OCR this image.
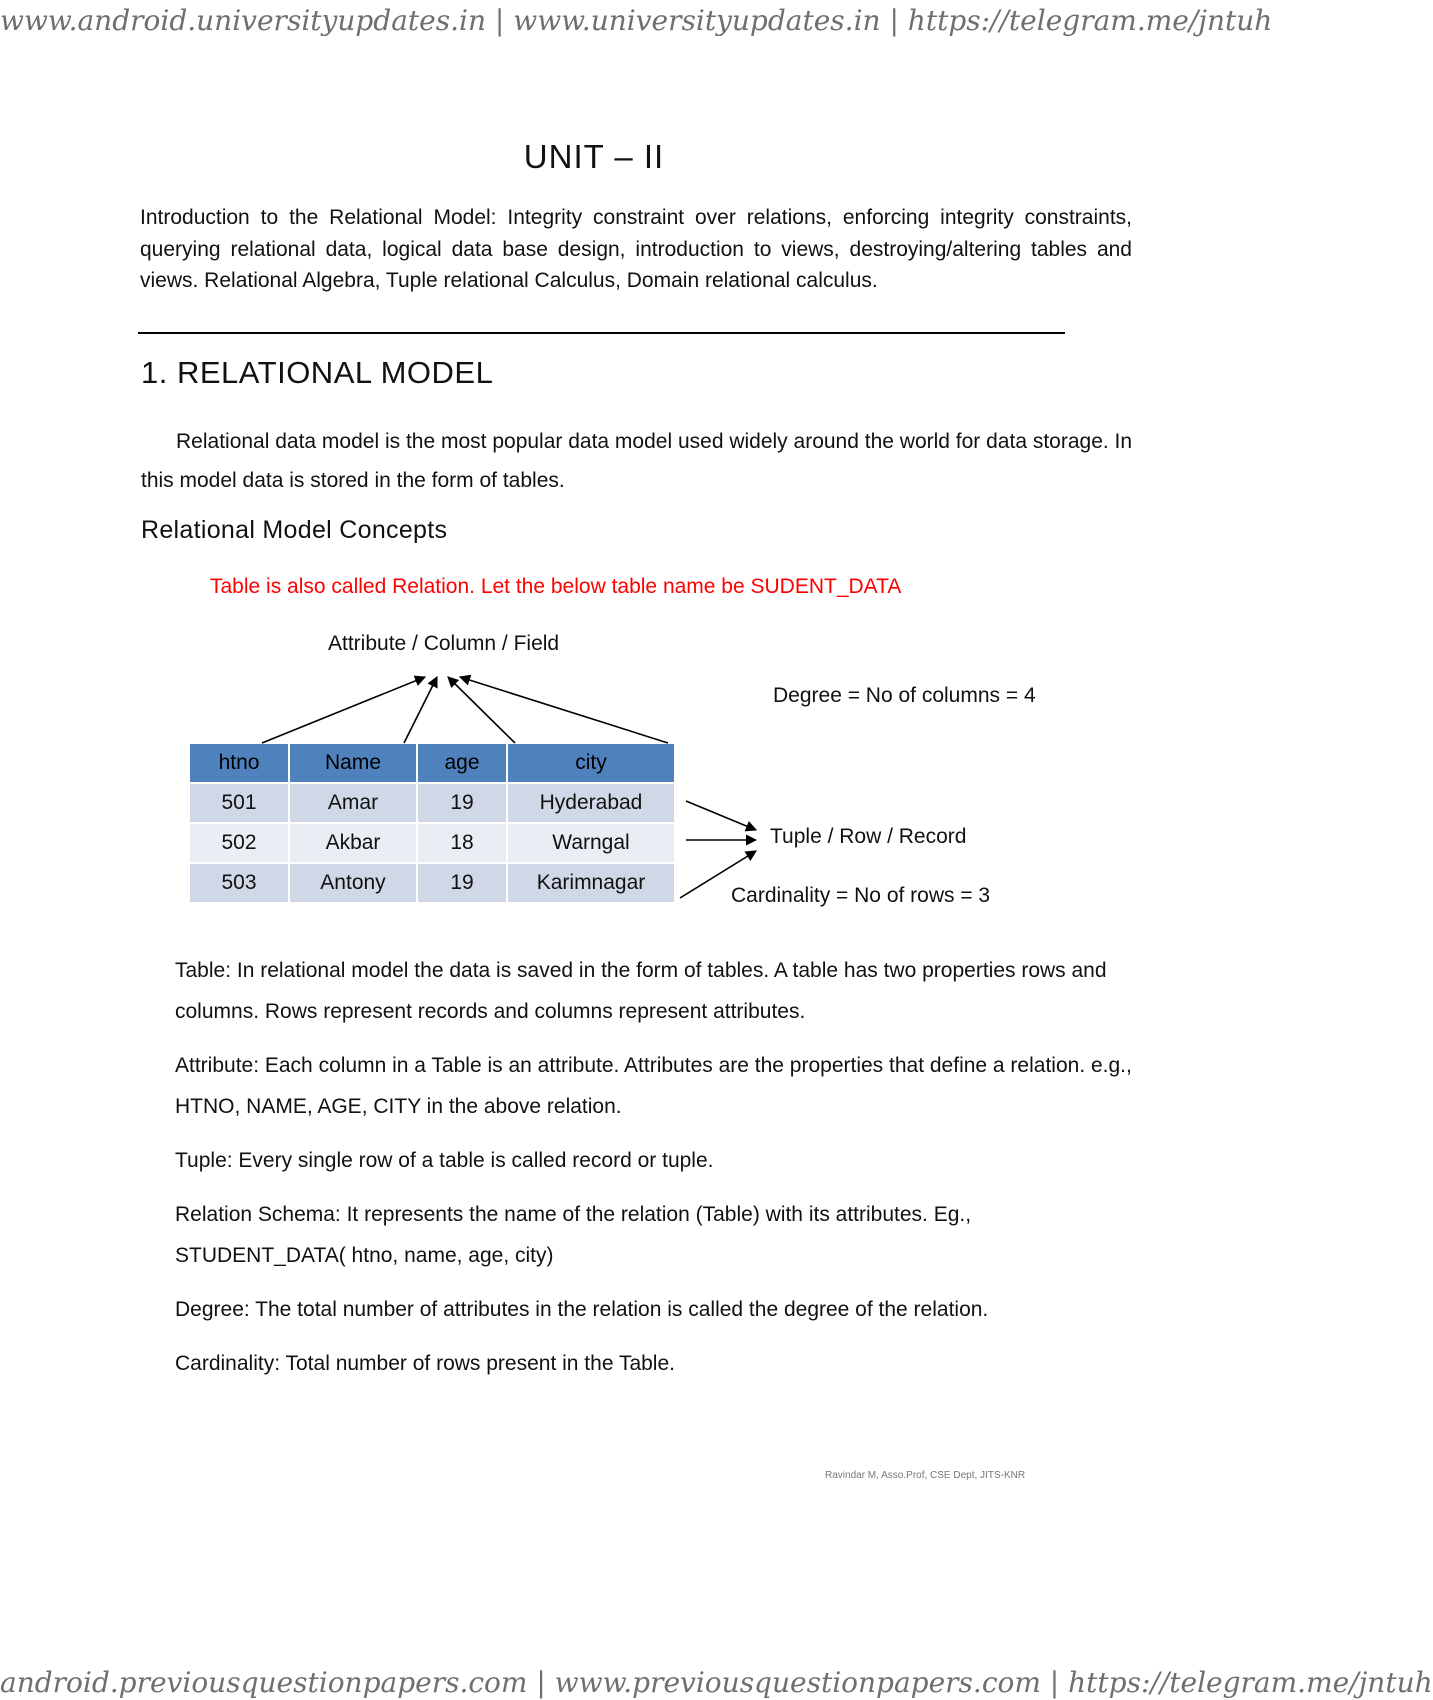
www.android.universityupdates.in | www.universityupdates.in | https://telegram.me/jntuh
UNIT – II
Introduction to the Relational Model: Integrity constraint over relations, enforcing integrity constraints, querying relational data, logical data base design, introduction to views, destroying/altering tables and views. Relational Algebra, Tuple relational Calculus, Domain relational calculus.
1. RELATIONAL MODEL
Relational data model is the most popular data model used widely around the world for data storage. In this model data is stored in the form of tables.
Relational Model Concepts
Table is also called Relation. Let the below table name be SUDENT_DATA
Attribute / Column / Field
Degree = No of columns = 4
htno	Name	age	city
501	Amar	19	Hyderabad
502	Akbar	18	Warngal
503	Antony	19	Karimnagar
Tuple / Row / Record
Cardinality = No of rows = 3

Table: In relational model the data is saved in the form of tables. A table has two properties rows and columns. Rows represent records and columns represent attributes.

Attribute: Each column in a Table is an attribute. Attributes are the properties that define a relation. e.g., HTNO, NAME, AGE, CITY in the above relation.

Tuple: Every single row of a table is called record or tuple.

Relation Schema: It represents the name of the relation (Table) with its attributes. Eg., STUDENT_DATA( htno, name, age, city)

Degree: The total number of attributes in the relation is called the degree of the relation.

Cardinality: Total number of rows present in the Table.

Ravindar M, Asso.Prof, CSE Dept, JITS-KNR
android.previousquestionpapers.com | www.previousquestionpapers.com | https://telegram.me/jntuh
